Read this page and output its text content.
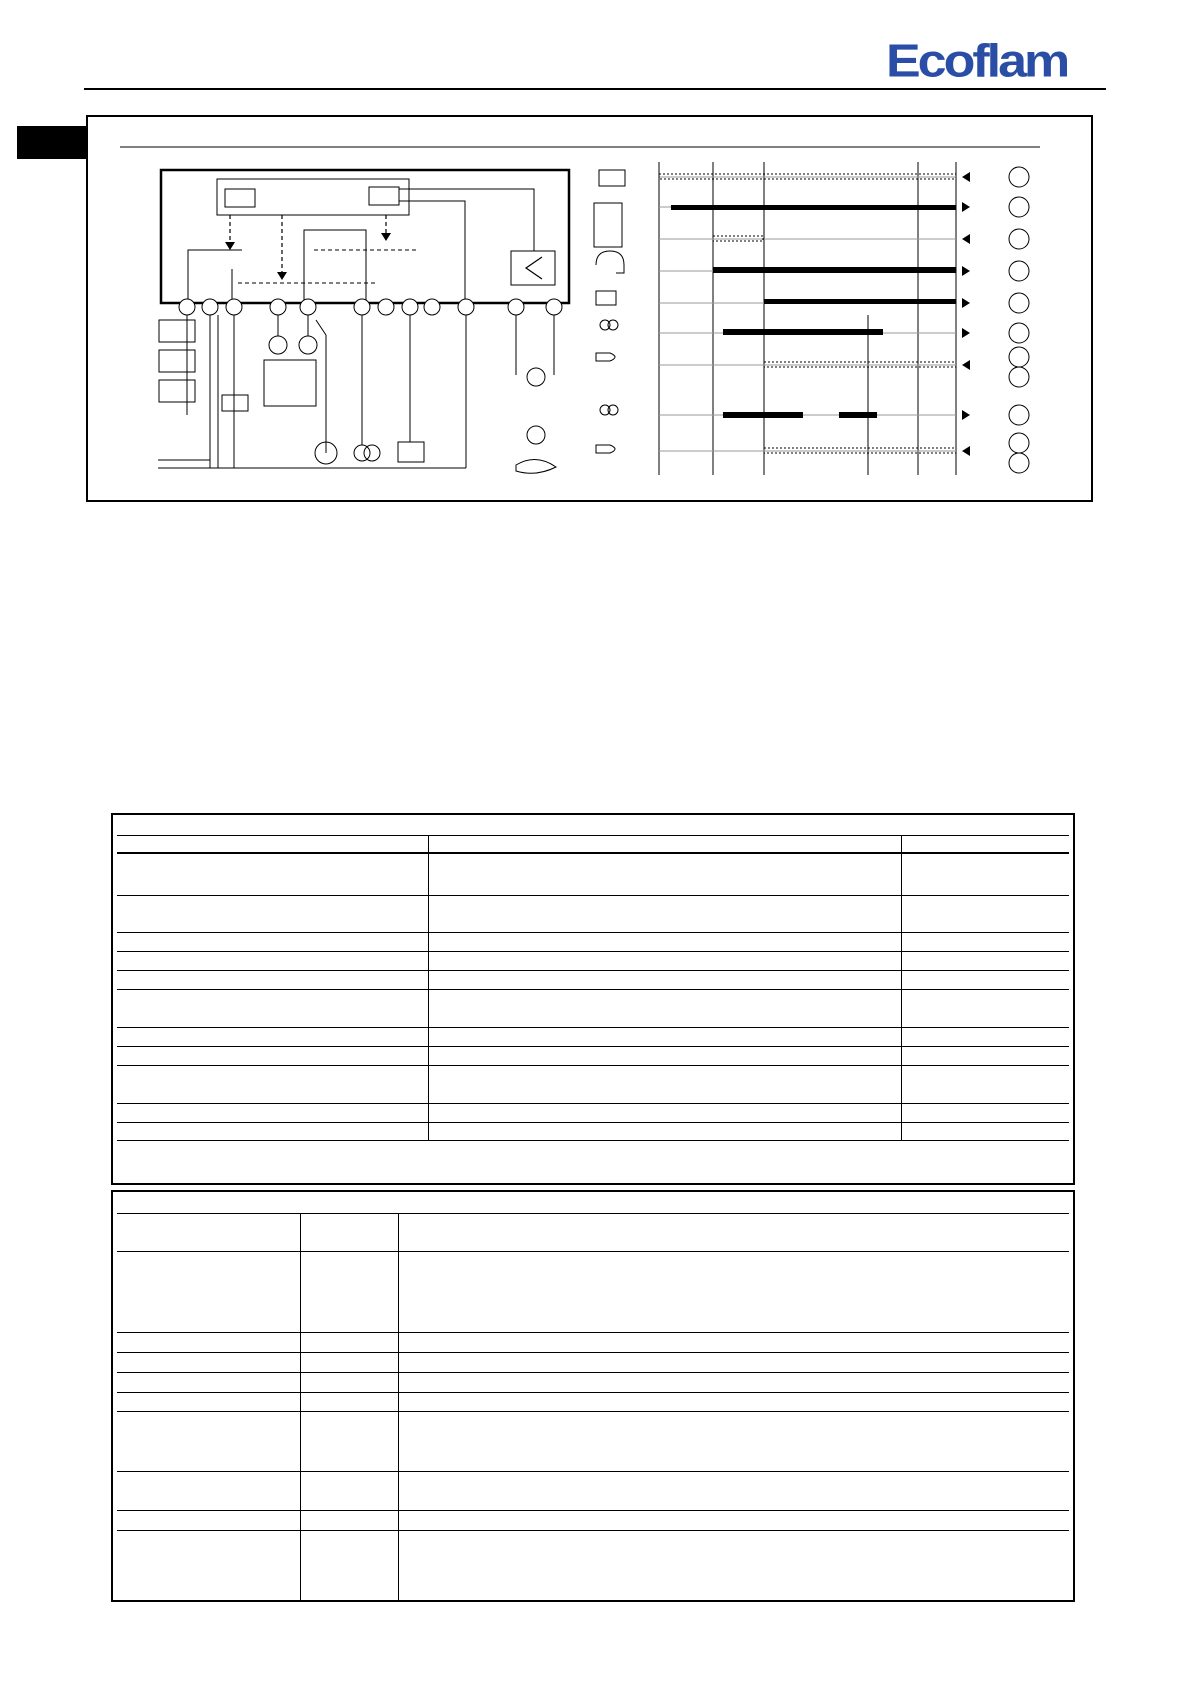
Ecoflam
